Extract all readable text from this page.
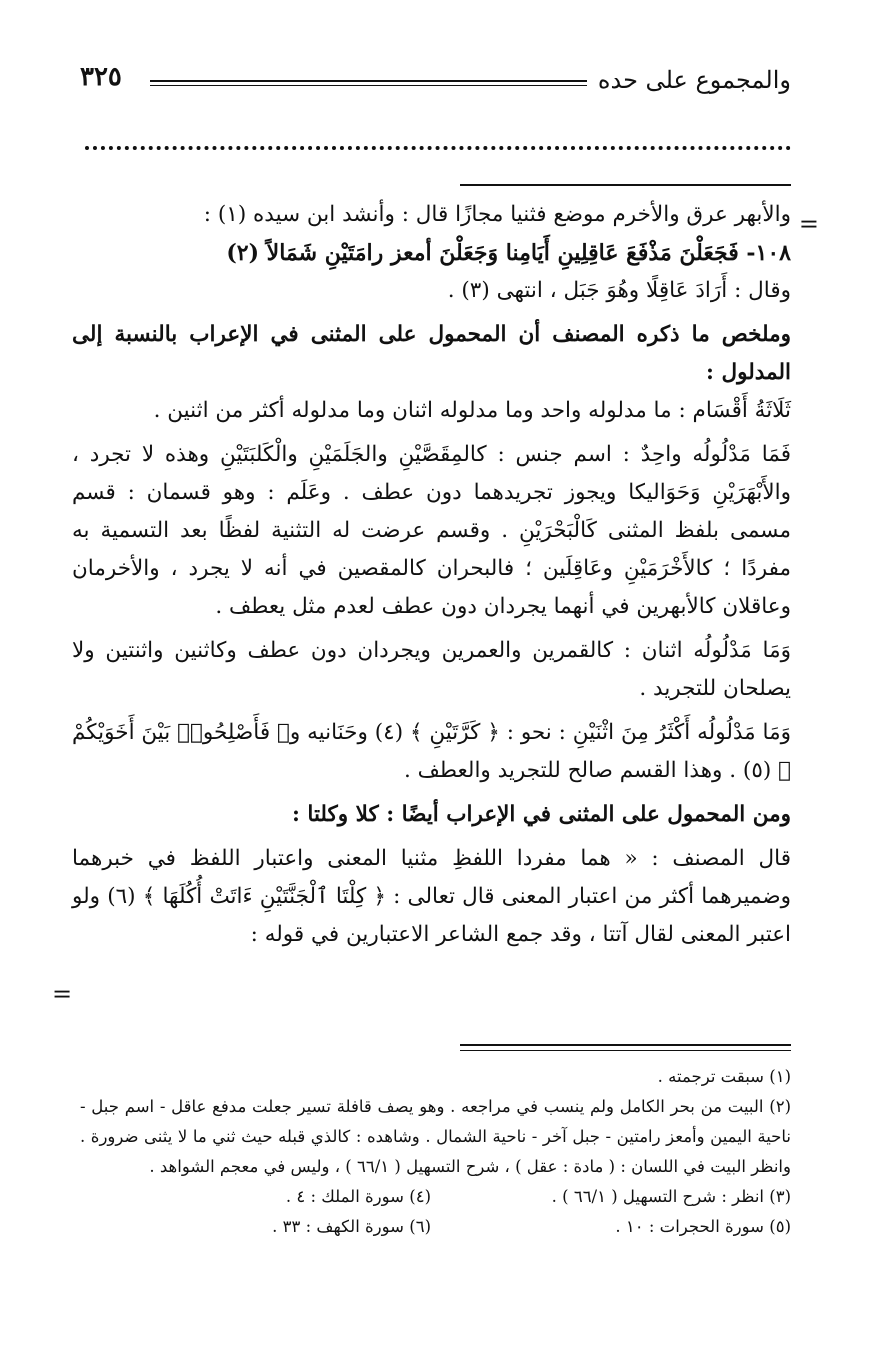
والمجموع على حده
٣٢٥
=
=

والأبهر عرق والأخرم موضع فثنيا مجازًا قال : وأنشد ابن سيده (١) :

١٠٨- فَجَعَلْنَ مَذْفَعَ عَاقِلِينِ أَيَامِنا وَجَعَلْنَ أمعز رامَتَيْنِ شَمَالاً (٢)

وقال : أَرَادَ عَاقِلًا وهُوَ جَبَل ، انتهى (٣) .

وملخص ما ذكره المصنف أن المحمول على المثنى في الإعراب بالنسبة إلى المدلول :

ثَلَاثَةُ أَقْسَام : ما مدلوله واحد وما مدلوله اثنان وما مدلوله أكثر من اثنين .

فَمَا مَدْلُولُه واحِدٌ : اسم جنس : كالمِقَصَّيْنِ والجَلَمَيْنِ والْكَلبَتَيْنِ وهذه لا تجرد ، والأَبْهَرَيْنِ وَحَوَاليكا ويجوز تجريدهما دون عطف . وعَلَم : وهو قسمان : قسم مسمى بلفظ المثنى كَالْبَحْرَيْنِ . وقسم عرضت له التثنية لفظًا بعد التسمية به مفردًا ؛ كالأَخْرَمَيْنِ وعَاقِلَين ؛ فالبحران كالمقصين في أنه لا يجرد ، والأخرمان وعاقلان كالأبهرين في أنهما يجردان دون عطف لعدم مثل يعطف .

وَمَا مَدْلُولُه اثنان : كالقمرين والعمرين ويجردان دون عطف وكاثنين واثنتين ولا يصلحان للتجريد .

وَمَا مَدْلُولُه أَكْثَرُ مِنَ اثْنَيْنِ : نحو : ﴿ كَرَّتَيْنِ ﴾ (٤) وحَنَانيه و﴿ فَأَصْلِحُوا۟ بَيْنَ أَخَوَيْكُمْ ﴾ (٥) . وهذا القسم صالح للتجريد والعطف .

ومن المحمول على المثنى في الإعراب أيضًا : كلا وكلتا :

قال المصنف : « هما مفردا اللفظِ مثنيا المعنى واعتبار اللفظ في خبرهما وضميرهما أكثر من اعتبار المعنى قال تعالى : ﴿ كِلْتَا ٱلْجَنَّتَيْنِ ءَاتَتْ أُكُلَهَا ﴾ (٦) ولو اعتبر المعنى لقال آتتا ، وقد جمع الشاعر الاعتبارين في قوله :

(١) سبقت ترجمته .

(٢) البيت من بحر الكامل ولم ينسب في مراجعه . وهو يصف قافلة تسير جعلت مدفع عاقل - اسم جبل - ناحية اليمين وأمعز رامتين - جبل آخر - ناحية الشمال . وشاهده : كالذي قبله حيث ثني ما لا يثنى ضرورة . وانظر البيت في اللسان : ( مادة : عقل ) ، شرح التسهيل ( ٦٦/١ ) ، وليس في معجم الشواهد .

(٣) انظر : شرح التسهيل ( ٦٦/١ ) .
(٤) سورة الملك : ٤ .
(٥) سورة الحجرات : ١٠ .
(٦) سورة الكهف : ٣٣ .
